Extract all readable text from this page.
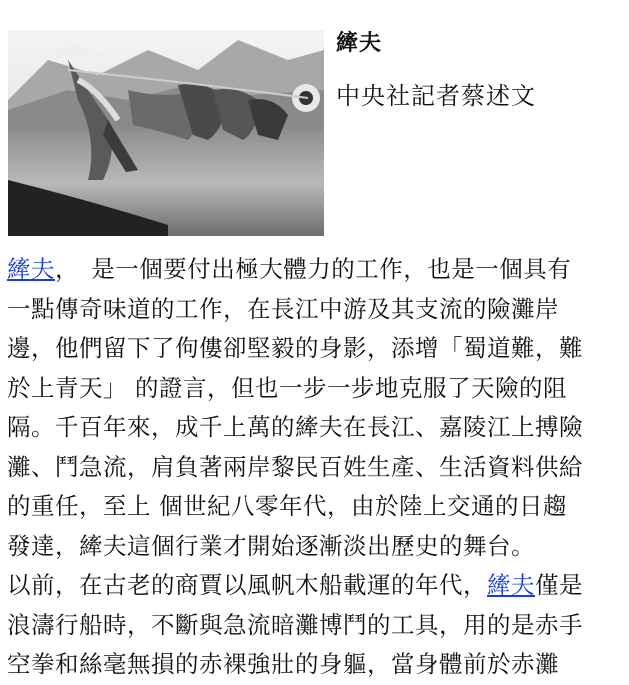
縴夫
中央社記者蔡述文
縴夫，　是一個要付出極大體力的工作，也是一個具有
一點傳奇味道的工作，在長江中游及其支流的險灘岸
邊，他們留下了佝僂卻堅毅的身影，添增「蜀道難，難
於上青天」 的證言，但也一步一步地克服了天險的阻
隔。千百年來，成千上萬的縴夫在長江、嘉陵江上搏險
灘、鬥急流，肩負著兩岸黎民百姓生產、生活資料供給
的重任，至上 個世紀八零年代，由於陸上交通的日趨
發達，縴夫這個行業才開始逐漸淡出歷史的舞台。
以前，在古老的商賈以風帆木船載運的年代，縴夫僅是
浪濤行船時，不斷與急流暗灘博鬥的工具，用的是赤手
空拳和絲毫無損的赤裸強壯的身軀，當身體前於赤灘
